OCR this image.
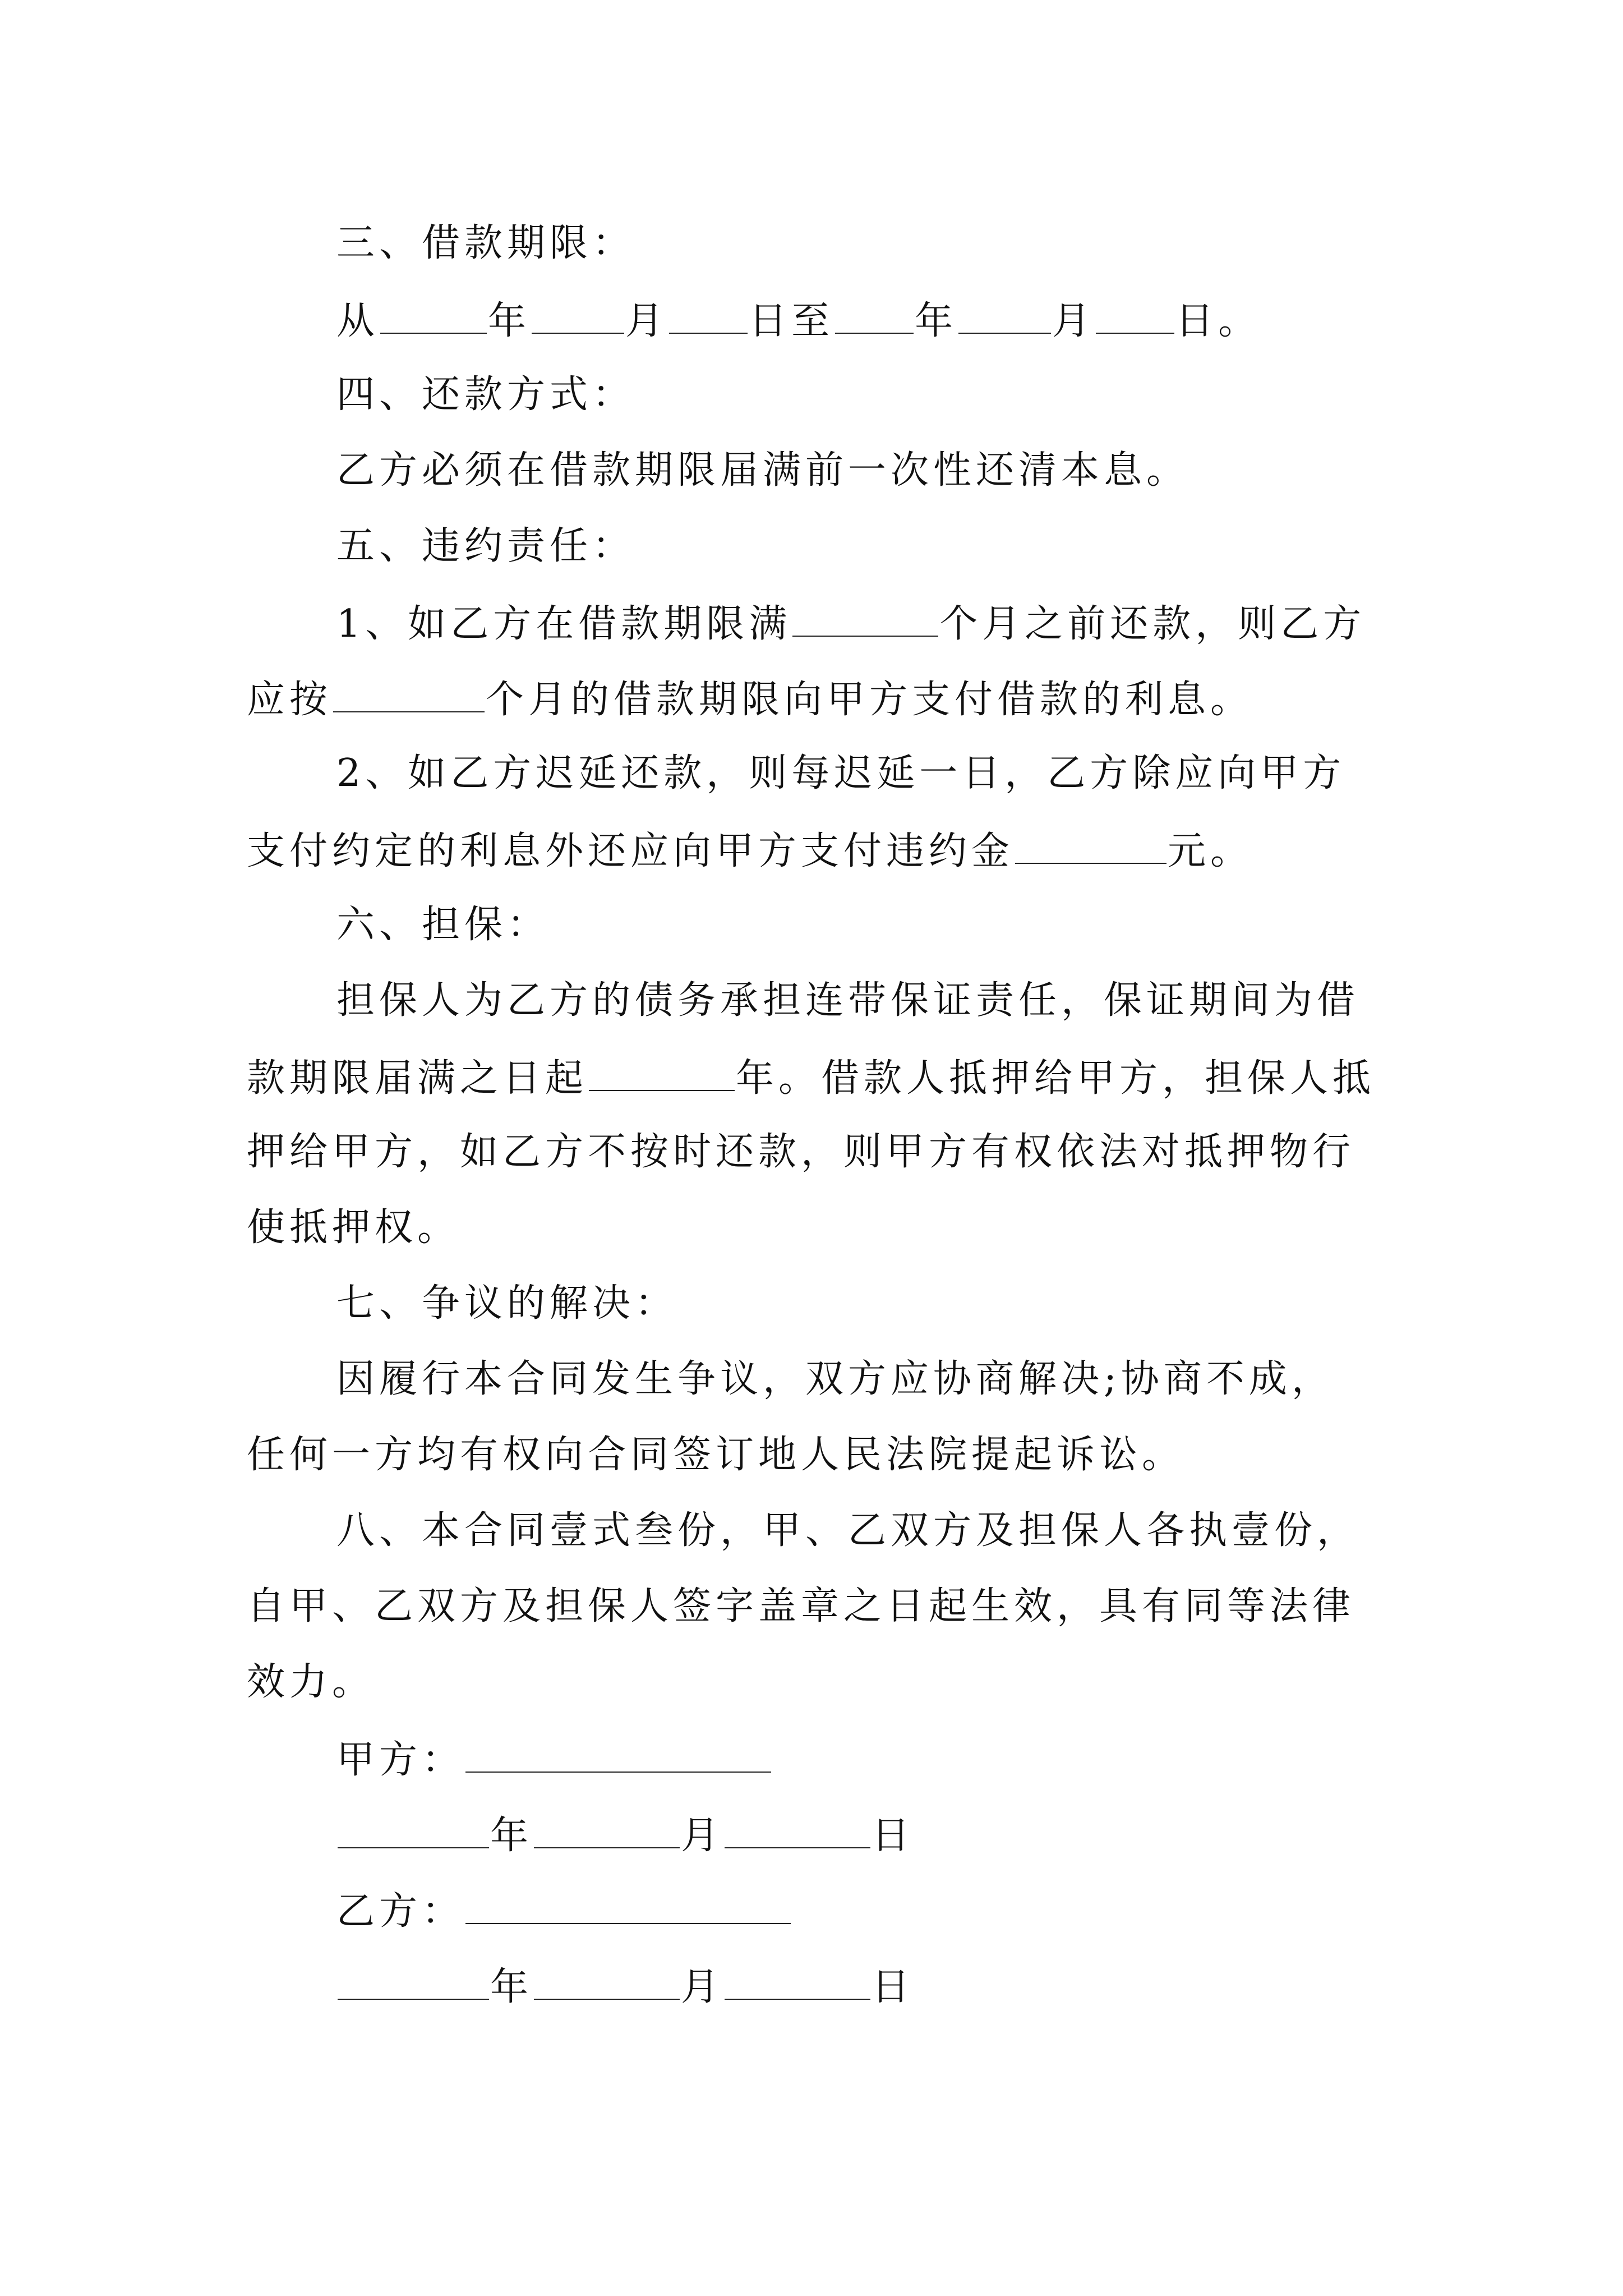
三、借款期限：
从	年 月 日至 年 月 日。
四、还款方式：
乙方必须在借款期限届满前一次性还清本息。
五、违约责任：
1、如乙方在借款期限满	个月之前还款，则乙方
应按	个月的借款期限向甲方支付借款的利息。
2、如乙方迟延还款，则每迟延一日，乙方除应向甲方
支付约定的利息外还应向甲方支付违约金	元。
六、担保：
担保人为乙方的债务承担连带保证责任，保证期间为借
款期限届满之日起	年。借款人抵押给甲方，担保人抵
押给甲方，如乙方不按时还款，则甲方有权依法对抵押物行
使抵押权。
七、争议的解决：
因履行本合同发生争议，双方应协商解决;协商不成，
任何一方均有权向合同签订地人民法院提起诉讼。
八、本合同壹式叁份，甲、乙双方及担保人各执壹份，
自甲、乙双方及担保人签字盖章之日起生效，具有同等法律
效力。
甲方：
年	月	日
乙方：
年	月	日
